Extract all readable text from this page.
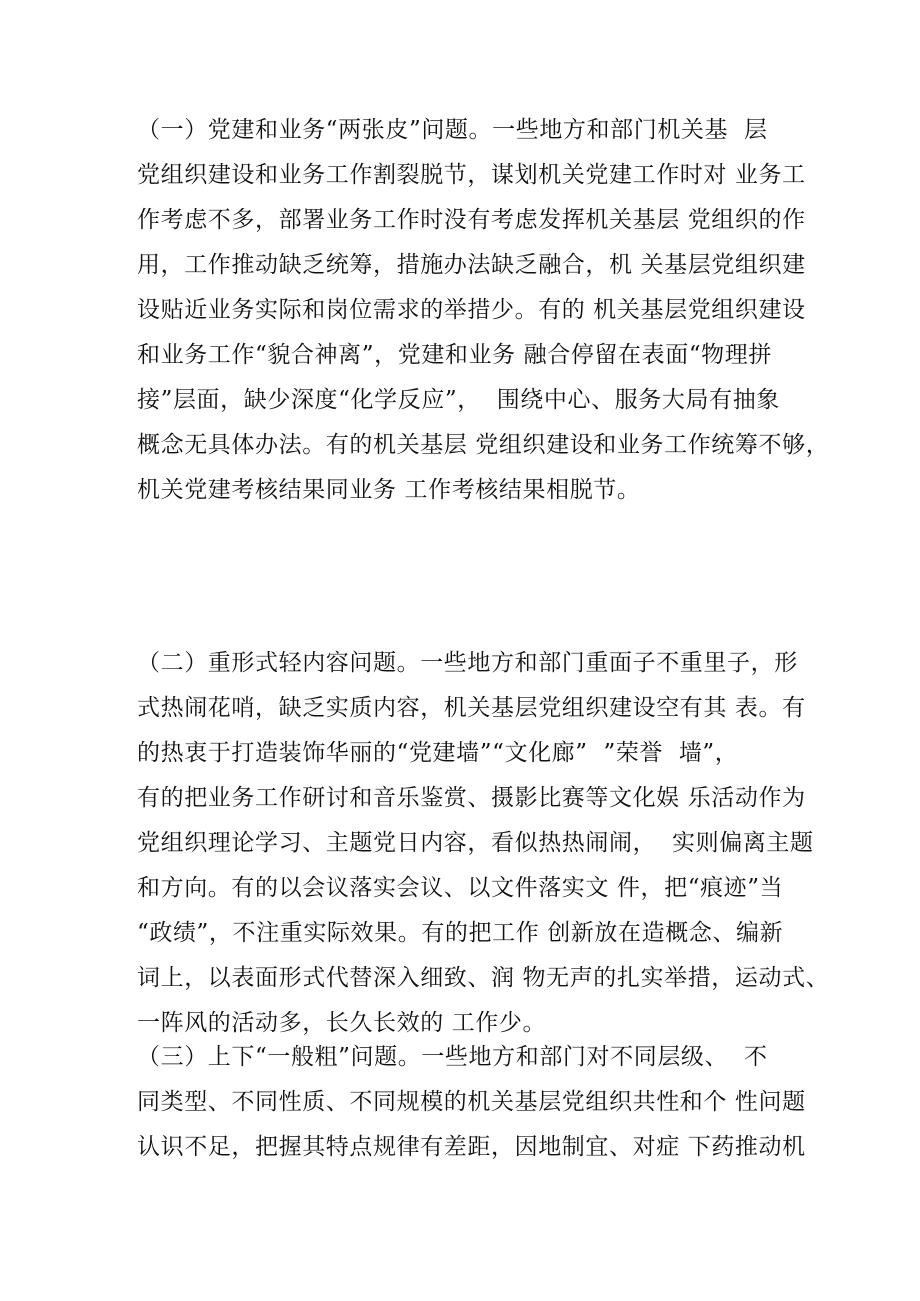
（一）党建和业务“两张皮”问题。一些地方和部门机关基  层
党组织建设和业务工作割裂脱节，谋划机关党建工作时对 业务工
作考虑不多，部署业务工作时没有考虑发挥机关基层 党组织的作
用，工作推动缺乏统筹，措施办法缺乏融合，机 关基层党组织建
设贴近业务实际和岗位需求的举措少。有的 机关基层党组织建设
和业务工作“貌合神离”，党建和业务 融合停留在表面“物理拼
接”层面，缺少深度“化学反应”，  围绕中心、服务大局有抽象
概念无具体办法。有的机关基层 党组织建设和业务工作统筹不够，
机关党建考核结果同业务 工作考核结果相脱节。
（二）重形式轻内容问题。一些地方和部门重面子不重里子，形
式热闹花哨，缺乏实质内容，机关基层党组织建设空有其 表。有
的热衷于打造装饰华丽的“党建墙”“文化廊”  ”荣誉  墙”，
有的把业务工作研讨和音乐鉴赏、摄影比赛等文化娱 乐活动作为
党组织理论学习、主题党日内容，看似热热闹闹，  实则偏离主题
和方向。有的以会议落实会议、以文件落实文 件，把“痕迹”当
“政绩”，不注重实际效果。有的把工作 创新放在造概念、编新
词上，以表面形式代替深入细致、润 物无声的扎实举措，运动式、
一阵风的活动多，长久长效的 工作少。
（三）上下“一般粗”问题。一些地方和部门对不同层级、  不
同类型、不同性质、不同规模的机关基层党组织共性和个 性问题
认识不足，把握其特点规律有差距，因地制宜、对症 下药推动机
